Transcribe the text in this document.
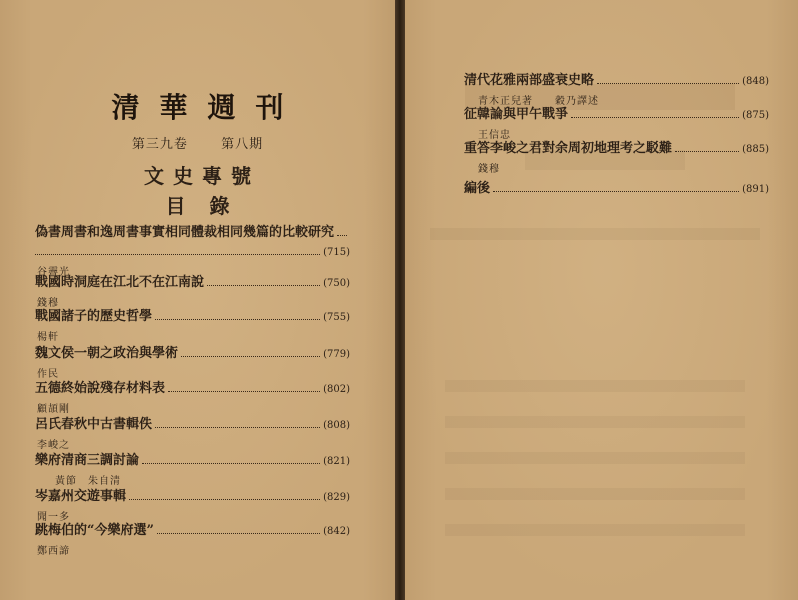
清華週刊
第三九卷	第八期
文史專號
目錄
偽書周書和逸周書事實相同體裁相同幾篇的比較研究
(715)
谷霽光
戰國時洞庭在江北不在江南說	(750)
錢穆
戰國諸子的歷史哲學	(755)
楊軒
魏文侯一朝之政治與學術	(779)
作民
五德終始說殘存材料表	(802)
顧頡剛
呂氏春秋中古書輯佚	(808)
李峻之
樂府清商三調討論	(821)
黃節　朱自清
岑嘉州交遊事輯	(829)
聞一多
跳梅伯的“今樂府選”	(842)
鄭西諦
清代花雅兩部盛衰史略	(848)
青木正兒著　　穀乃譯述
征韓論與甲午戰爭	(875)
王信忠
重答李峻之君對余周初地理考之駁難	(885)
錢穆
編後	(891)
